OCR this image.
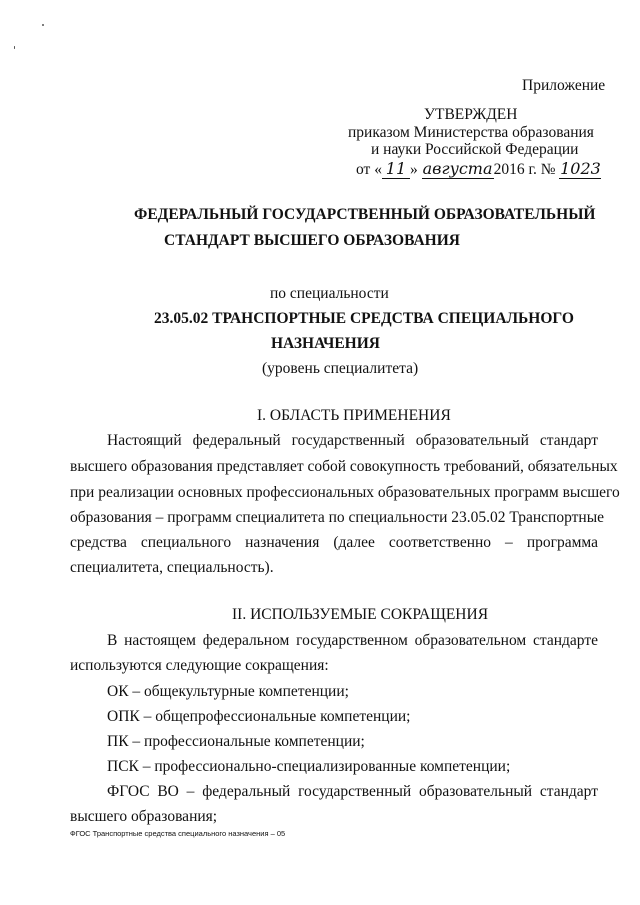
Приложение
УТВЕРЖДЕН
приказом Министерства образования
и науки Российской Федерации
от « 11 » августа2016 г. № 1023
ФЕДЕРАЛЬНЫЙ ГОСУДАРСТВЕННЫЙ ОБРАЗОВАТЕЛЬНЫЙ
СТАНДАРТ ВЫСШЕГО ОБРАЗОВАНИЯ
по специальности
23.05.02 ТРАНСПОРТНЫЕ СРЕДСТВА СПЕЦИАЛЬНОГО
НАЗНАЧЕНИЯ
(уровень специалитета)
I. ОБЛАСТЬ ПРИМЕНЕНИЯ
Настоящий федеральный государственный образовательный стандарт
высшего образования представляет собой совокупность требований, обязательных
при реализации основных профессиональных образовательных программ высшего
образования – программ специалитета по специальности 23.05.02 Транспортные
средства специального назначения (далее соответственно – программа
специалитета, специальность).
II. ИСПОЛЬЗУЕМЫЕ СОКРАЩЕНИЯ
В настоящем федеральном государственном образовательном стандарте
используются следующие сокращения:
ОК – общекультурные компетенции;
ОПК – общепрофессиональные компетенции;
ПК – профессиональные компетенции;
ПСК – профессионально-специализированные компетенции;
ФГОС ВО – федеральный государственный образовательный стандарт
высшего образования;
ФГОС Транспортные средства специального назначения – 05
